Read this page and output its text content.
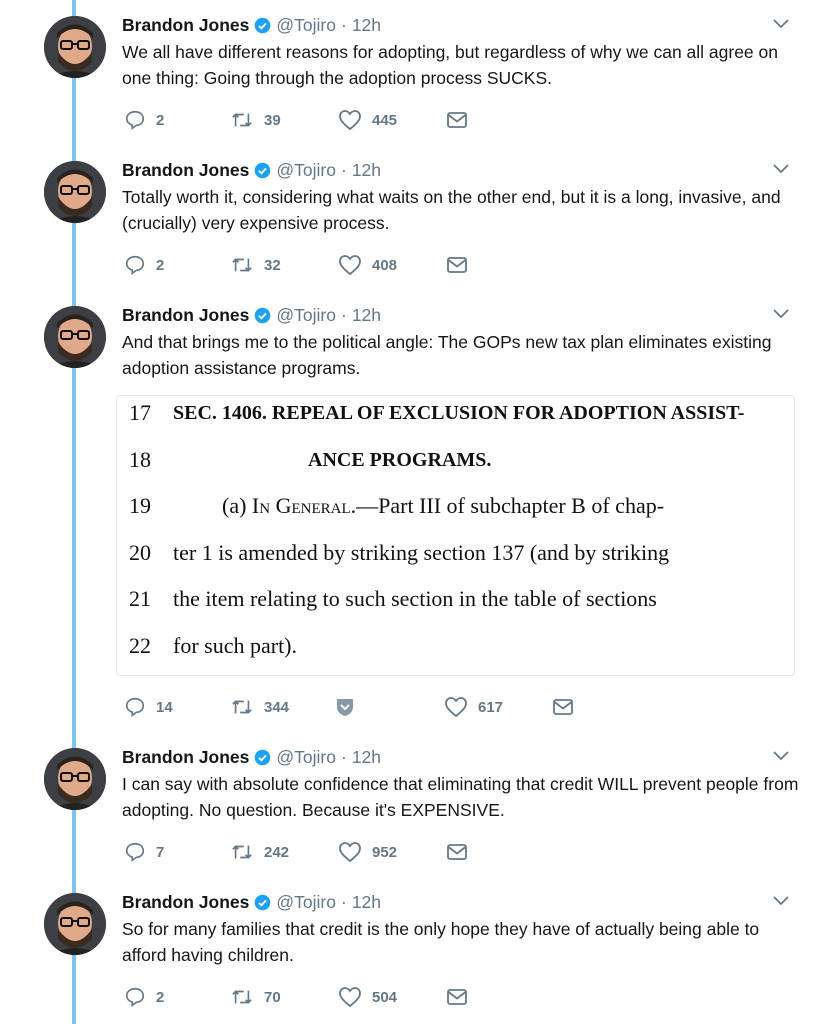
Brandon Jones @Tojiro · 12h
We all have different reasons for adopting, but regardless of why we can all agree on one thing: Going through the adoption process SUCKS.
2	39	445
Brandon Jones @Tojiro · 12h
Totally worth it, considering what waits on the other end, but it is a long, invasive, and (crucially) very expensive process.
2	32	408
Brandon Jones @Tojiro · 12h
And that brings me to the political angle: The GOPs new tax plan eliminates existing adoption assistance programs.
17 SEC. 1406. REPEAL OF EXCLUSION FOR ADOPTION ASSIST-
18	ANCE PROGRAMS.
19	(a) In General.—Part III of subchapter B of chap-
20 ter 1 is amended by striking section 137 (and by striking
21 the item relating to such section in the table of sections
22 for such part).
14	344	617
Brandon Jones @Tojiro · 12h
I can say with absolute confidence that eliminating that credit WILL prevent people from adopting. No question. Because it's EXPENSIVE.
7	242	952
Brandon Jones @Tojiro · 12h
So for many families that credit is the only hope they have of actually being able to afford having children.
2	70	504
